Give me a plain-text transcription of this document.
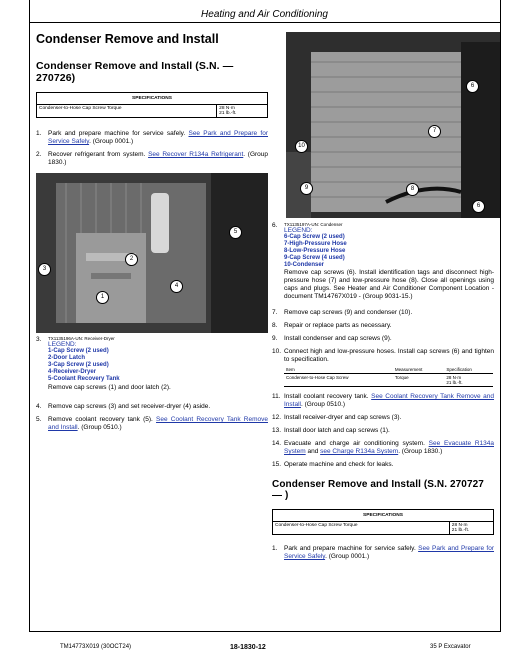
Heating and Air Conditioning
Condenser Remove and Install
Condenser Remove and Install (S.N. —270726)
SPECIFICATIONS
Condenser-to-Hose Cap Screw Torque	28 N·m
21 lb.-ft.
1. Park and prepare machine for service safely. See Park and Prepare for Service Safely. (Group 0001.)
2. Recover refrigerant from system. See Recover R134a Refrigerant. (Group 1830.)
1
2
3
4
5
3. TX1135196A-UN: Receiver-Dryer
LEGEND:
1-Cap Screw (2 used)
2-Door Latch
3-Cap Screw (2 used)
4-Receiver-Dryer
5-Coolant Recovery Tank
Remove cap screws (1) and door latch (2).
4. Remove cap screws (3) and set receiver-dryer (4) aside.
5. Remove coolant recovery tank (5). See Coolant Recovery Tank Remove and Install. (Group 0510.)
6
7
10
9	8
6
6. TX1135197A-UN: Condenser
LEGEND:
6-Cap Screw (2 used)
7-High-Pressure Hose
8-Low-Pressure Hose
9-Cap Screw (4 used)
10-Condenser
Remove cap screws (6). Install identification tags and disconnect high-pressure hose (7) and low-pressure hose (8). Close all openings using caps and plugs. See Heater and Air Conditioner Component Location - document TM14767X019 - (Group 9031-15.)
7. Remove cap screws (9) and condenser (10).
8. Repair or replace parts as necessary.
9. Install condenser and cap screws (9).
10. Connect high and low-pressure hoses. Install cap screws (6) and tighten to specification.
Item	Measurement	Specification
Condenser-to-Hose Cap Screw	Torque	28 N·m
21 lb.-ft.
11. Install coolant recovery tank. See Coolant Recovery Tank Remove and Install. (Group 0510.)
12. Install receiver-dryer and cap screws (3).
13. Install door latch and cap screws (1).
14. Evacuate and charge air conditioning system. See Evacuate R134a System and see Charge R134a System. (Group 1830.)
15. Operate machine and check for leaks.
Condenser Remove and Install (S.N. 270727— )
SPECIFICATIONS
Condenser-to-Hose Cap Screw Torque	28 N·m
21 lb.-ft.
1. Park and prepare machine for service safely. See Park and Prepare for Service Safely. (Group 0001.)
TM14773X019 (30OCT24)	18-1830-12	35 P Excavator
